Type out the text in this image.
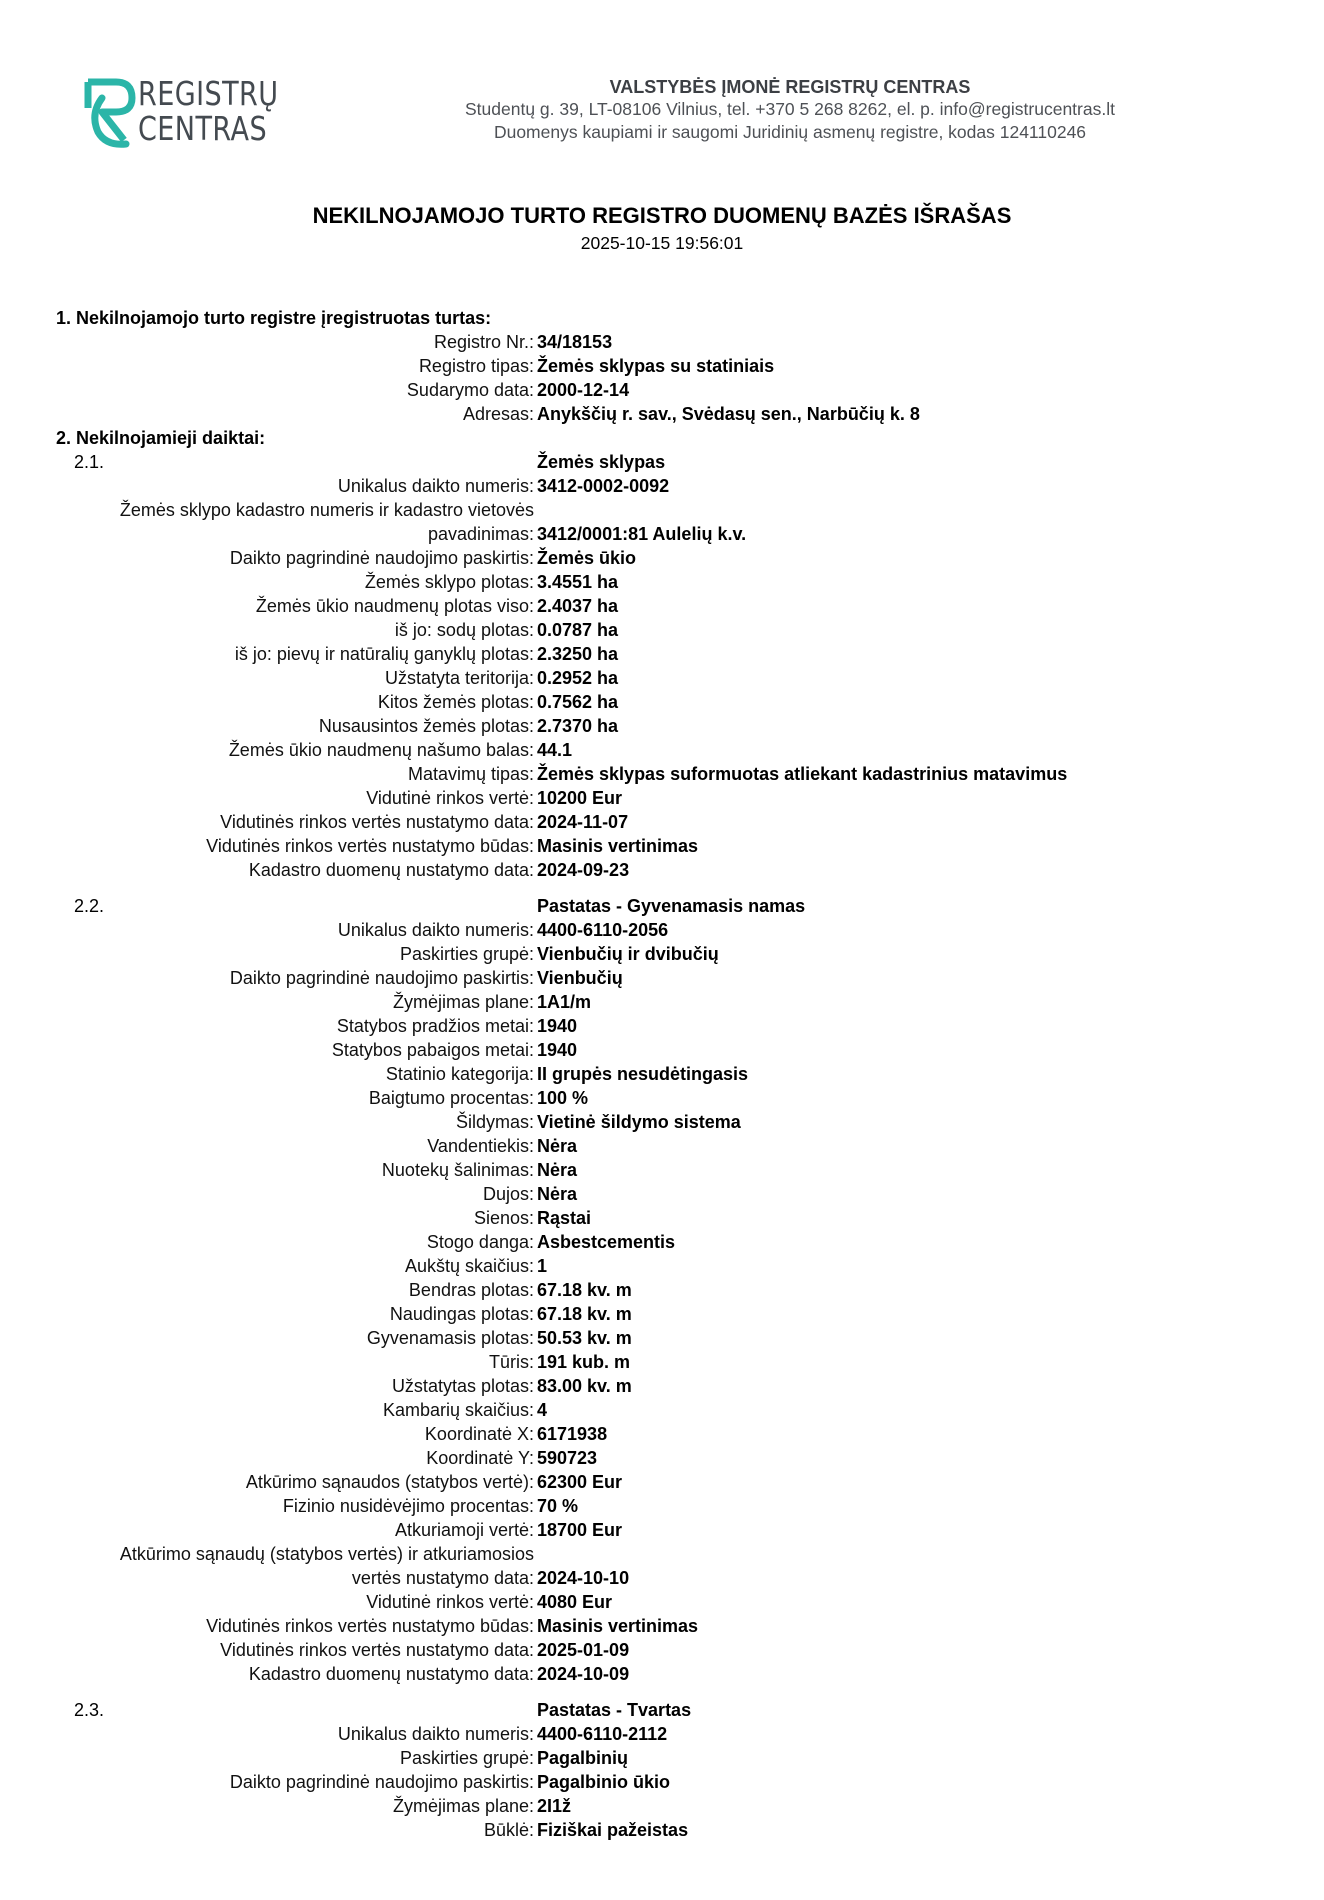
REGISTRŲ
CENTRAS
VALSTYBĖS ĮMONĖ REGISTRŲ CENTRAS
Studentų g. 39, LT-08106 Vilnius, tel. +370 5 268 8262, el. p. info@registrucentras.lt
Duomenys kaupiami ir saugomi Juridinių asmenų registre, kodas 124110246
NEKILNOJAMOJO TURTO REGISTRO DUOMENŲ BAZĖS IŠRAŠAS
2025-10-15 19:56:01
1. Nekilnojamojo turto registre įregistruotas turtas:
Registro Nr.: 34/18153
Registro tipas: Žemės sklypas su statiniais
Sudarymo data: 2000-12-14
Adresas: Anykščių r. sav., Svėdasų sen., Narbūčių k. 8
2. Nekilnojamieji daiktai:
2.1.	Žemės sklypas
Unikalus daikto numeris: 3412-0002-0092
Žemės sklypo kadastro numeris ir kadastro vietovės
pavadinimas: 3412/0001:81 Aulelių k.v.
Daikto pagrindinė naudojimo paskirtis: Žemės ūkio
Žemės sklypo plotas: 3.4551 ha
Žemės ūkio naudmenų plotas viso: 2.4037 ha
iš jo: sodų plotas: 0.0787 ha
iš jo: pievų ir natūralių ganyklų plotas: 2.3250 ha
Užstatyta teritorija: 0.2952 ha
Kitos žemės plotas: 0.7562 ha
Nusausintos žemės plotas: 2.7370 ha
Žemės ūkio naudmenų našumo balas: 44.1
Matavimų tipas: Žemės sklypas suformuotas atliekant kadastrinius matavimus
Vidutinė rinkos vertė: 10200 Eur
Vidutinės rinkos vertės nustatymo data: 2024-11-07
Vidutinės rinkos vertės nustatymo būdas: Masinis vertinimas
Kadastro duomenų nustatymo data: 2024-09-23
2.2.	Pastatas - Gyvenamasis namas
Unikalus daikto numeris: 4400-6110-2056
Paskirties grupė: Vienbučių ir dvibučių
Daikto pagrindinė naudojimo paskirtis: Vienbučių
Žymėjimas plane: 1A1/m
Statybos pradžios metai: 1940
Statybos pabaigos metai: 1940
Statinio kategorija: II grupės nesudėtingasis
Baigtumo procentas: 100 %
Šildymas: Vietinė šildymo sistema
Vandentiekis: Nėra
Nuotekų šalinimas: Nėra
Dujos: Nėra
Sienos: Rąstai
Stogo danga: Asbestcementis
Aukštų skaičius: 1
Bendras plotas: 67.18 kv. m
Naudingas plotas: 67.18 kv. m
Gyvenamasis plotas: 50.53 kv. m
Tūris: 191 kub. m
Užstatytas plotas: 83.00 kv. m
Kambarių skaičius: 4
Koordinatė X: 6171938
Koordinatė Y: 590723
Atkūrimo sąnaudos (statybos vertė): 62300 Eur
Fizinio nusidėvėjimo procentas: 70 %
Atkuriamoji vertė: 18700 Eur
Atkūrimo sąnaudų (statybos vertės) ir atkuriamosios
vertės nustatymo data: 2024-10-10
Vidutinė rinkos vertė: 4080 Eur
Vidutinės rinkos vertės nustatymo būdas: Masinis vertinimas
Vidutinės rinkos vertės nustatymo data: 2025-01-09
Kadastro duomenų nustatymo data: 2024-10-09
2.3.	Pastatas - Tvartas
Unikalus daikto numeris: 4400-6110-2112
Paskirties grupė: Pagalbinių
Daikto pagrindinė naudojimo paskirtis: Pagalbinio ūkio
Žymėjimas plane: 2I1ž
Būklė: Fiziškai pažeistas
